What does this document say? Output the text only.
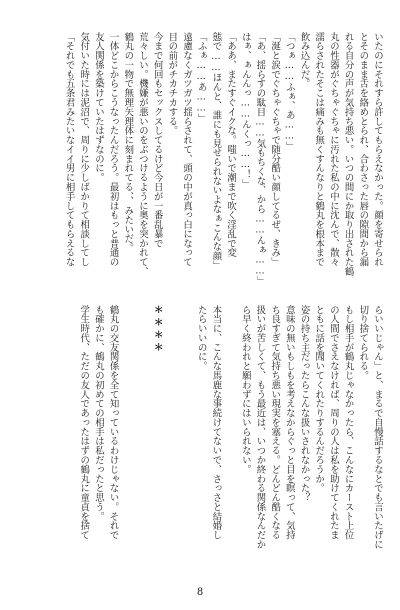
いたのにそれすら許してもらえなかった。顔を寄せられ
とそのまま舌を絡めとられ、合わさった唇の隙間から漏
れる自分の声が気持ち悪い。いつの間にか取り出された鶴
丸の性器がぐちゃぐちゃに汚れた私の中に沈んで、散々
濡らされたそこは痛みも無くすんなりと鶴丸を根本まで
飲み込んだ。
「つぁ……ふぁ、あ……」
「涎と涙でぐちゃぐちゃで随分酷い顔してるぜ、きみ」
「あ、揺らすの駄目……気もちくな、から……んぁ……」
はぁ、ぁんんっ……んくっ……！」
「ああ、またすぐイクな。嗤いで潮まで吹く淫乱で変
態で……ほんと、誰にも見せられないよなぁこんな顔」
「ふぁ……あ……」
遠慮なくガツガツ揺らされて、頭の中が真っ白になって
目の前がチカチカする。
今まで何回もセックスしてるけど今日が一番乱暴で
荒々しい。機嫌が悪いのをぶつけるように奥を突かれて、
鶴丸の一物で無理矢理体に刻まれてる、、みたいだ。
一体どこからこうなったんだろう。最初はもっと普通の
友人関係を築けていたはずなのに。
気付いた時には泥沼で、周りに少しばかりて相談してし
「それでも五条君みたいなイイ男に相手してもらえるな
らいいじゃん」と、まるで自慢話するなとでも言いたげに
切り捨てられる。
もし相手が鶴丸じゃなかったら、こんなにカースト上位
の人間でさえなければ、周りの人は私を助けてくれたま
ともに話を聞いてくれたりするんだろうか。
姿の持ち主だったらこんな扱いされなかった？
意味の無いもしもを考えなからぐっと目を瞑って、気持
ち良すぎて気持ち悪い現実を塞える。どんどん酷くなる
扱いが苦しくて、もう最近は、いつか終わる関係なんだか
ら早く終われと願わずにはいられない。
本当に、こんな馬鹿な事続けてないで、さっさと結婚し
たらいいのに。
＊＊＊＊
鶴丸の交友関係を全て知っているわけじゃない。それで
も確かに、鶴丸の初めての相手は私だったと思う。
学生時代、ただの友人であったはずの鶴丸に童貞を捨て
8
